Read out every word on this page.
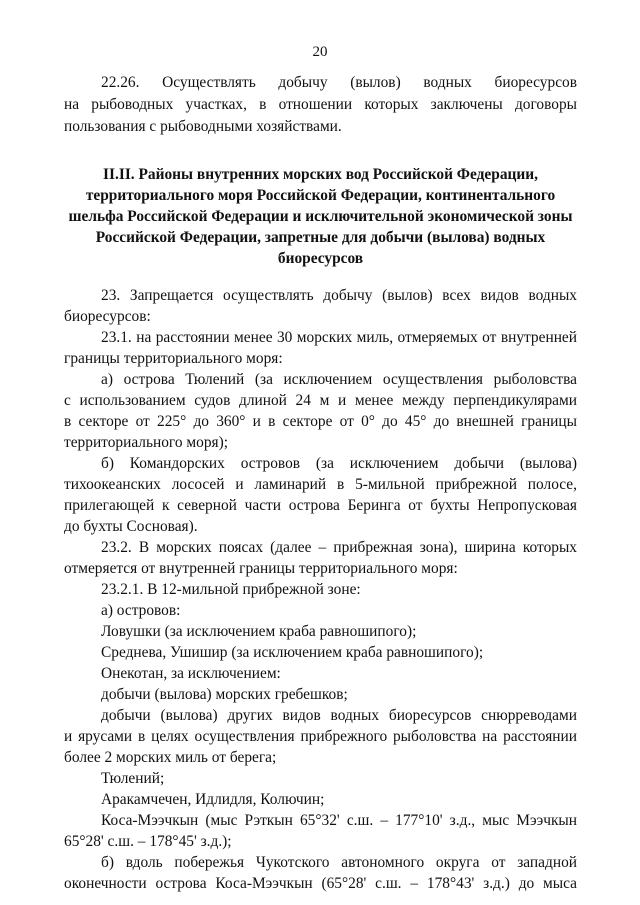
20
22.26. Осуществлять добычу (вылов) водных биоресурсов
на рыбоводных участках, в отношении которых заключены договоры
пользования с рыбоводными хозяйствами.
II.II. Районы внутренних морских вод Российской Федерации,
территориального моря Российской Федерации, континентального
шельфа Российской Федерации и исключительной экономической зоны
Российской Федерации, запретные для добычи (вылова) водных
биоресурсов
23. Запрещается осуществлять добычу (вылов) всех видов водных
биоресурсов:
23.1. на расстоянии менее 30 морских миль, отмеряемых от внутренней
границы территориального моря:
а) острова Тюлений (за исключением осуществления рыболовства
с использованием судов длиной 24 м и менее между перпендикулярами
в секторе от 225° до 360° и в секторе от 0° до 45° до внешней границы
территориального моря);
б) Командорских островов (за исключением добычи (вылова)
тихоокеанских лососей и ламинарий в 5-мильной прибрежной полосе,
прилегающей к северной части острова Беринга от бухты Непропусковая
до бухты Сосновая).
23.2. В морских поясах (далее – прибрежная зона), ширина которых
отмеряется от внутренней границы территориального моря:
23.2.1. В 12-мильной прибрежной зоне:
а) островов:
Ловушки (за исключением краба равношипого);
Среднева, Ушишир (за исключением краба равношипого);
Онекотан, за исключением:
добычи (вылова) морских гребешков;
добычи (вылова) других видов водных биоресурсов снюрреводами
и ярусами в целях осуществления прибрежного рыболовства на расстоянии
более 2 морских миль от берега;
Тюлений;
Аракамчечен, Идлидля, Колючин;
Коса-Мээчкын (мыс Рэткын 65°32' с.ш. – 177°10' з.д., мыс Мээчкын
65°28' с.ш. – 178°45' з.д.);
б) вдоль побережья Чукотского автономного округа от западной
оконечности острова Коса-Мээчкын (65°28' с.ш. – 178°43' з.д.) до мыса
